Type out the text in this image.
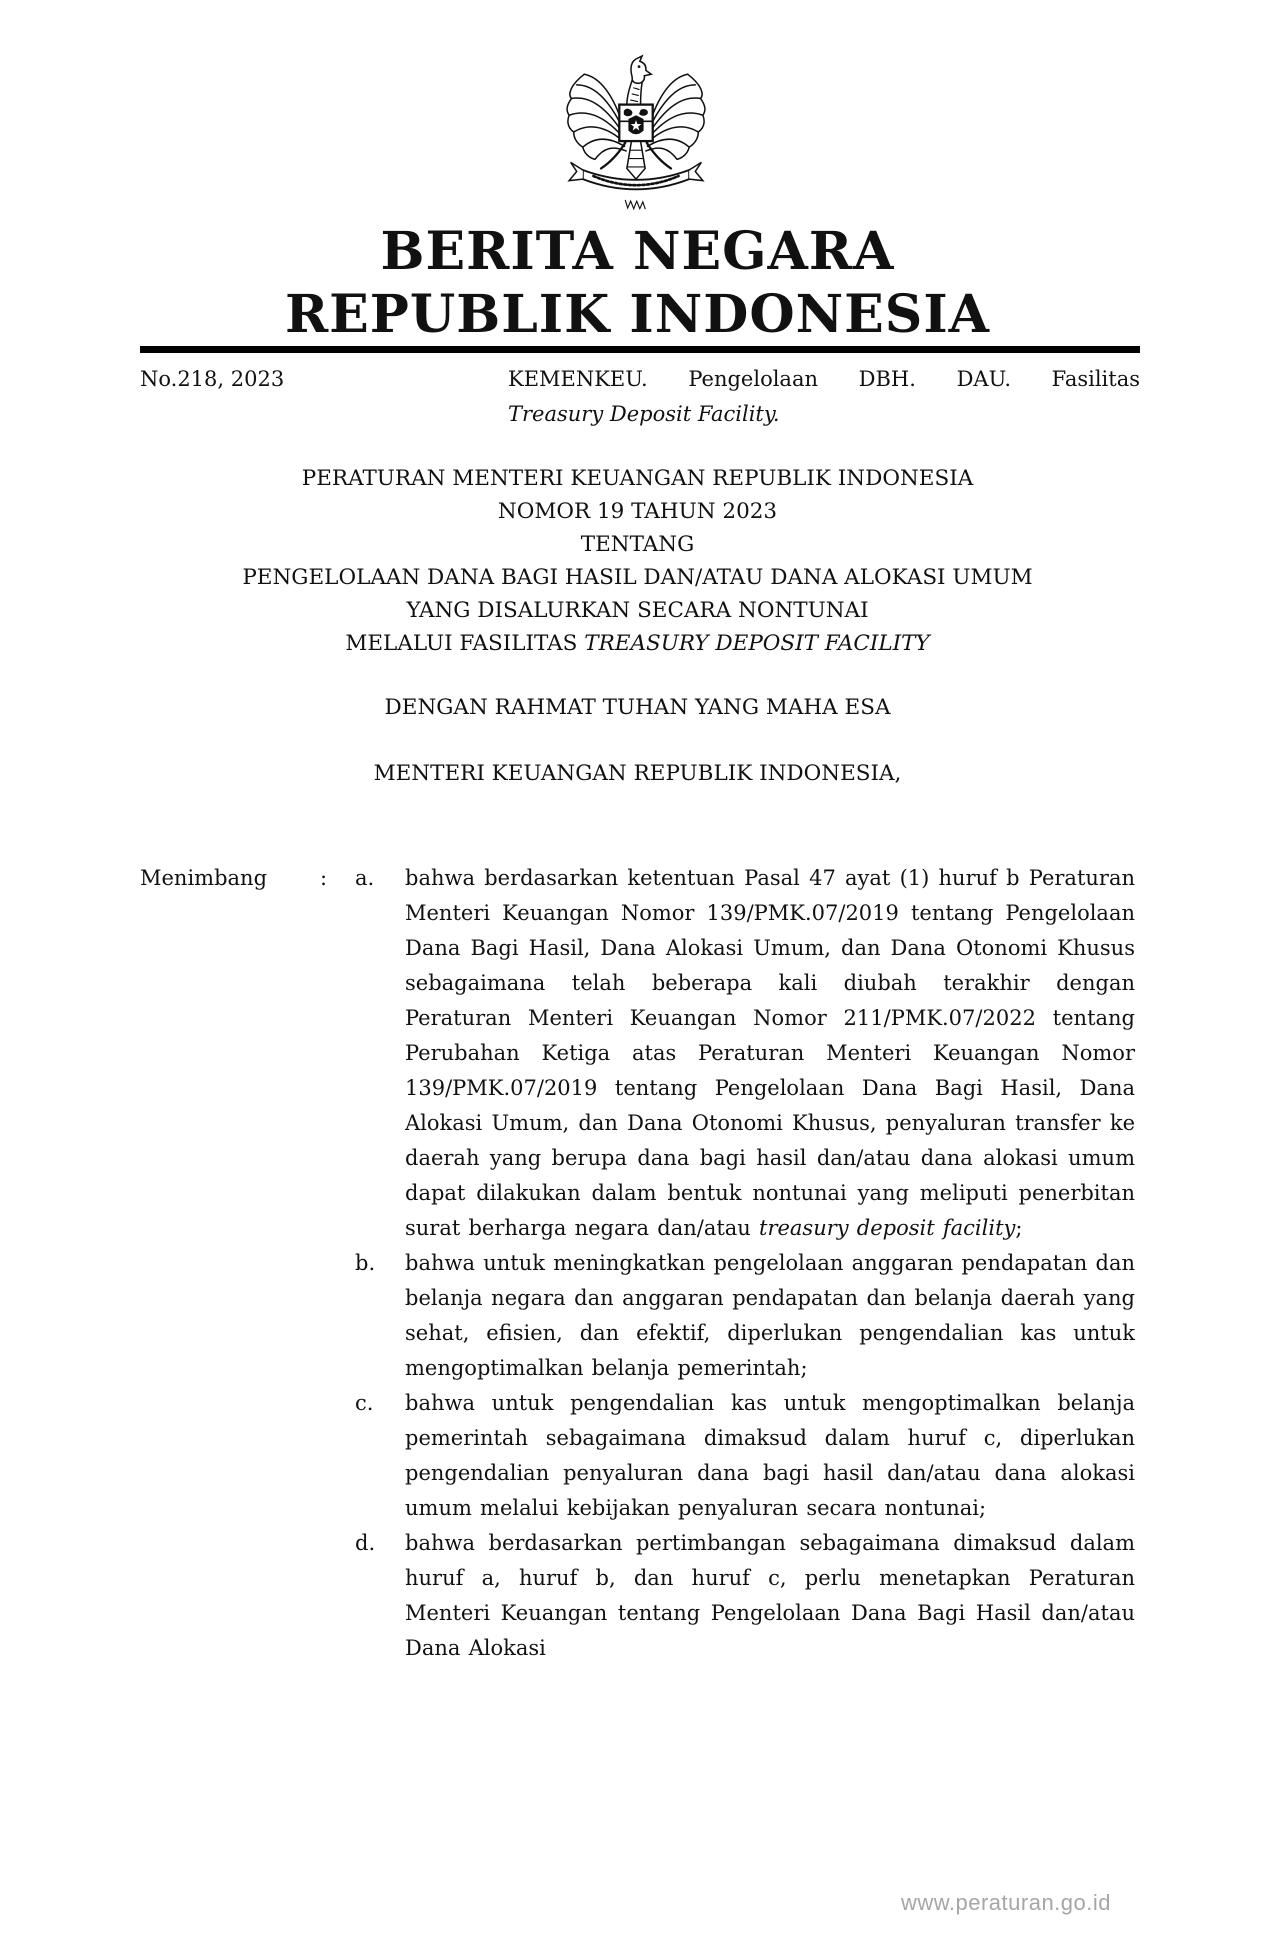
BERITA NEGARA
REPUBLIK INDONESIA
No.218, 2023	KEMENKEU. Pengelolaan DBH. DAU. Fasilitas
Treasury Deposit Facility.
PERATURAN MENTERI KEUANGAN REPUBLIK INDONESIA
NOMOR 19 TAHUN 2023
TENTANG
PENGELOLAAN DANA BAGI HASIL DAN/ATAU DANA ALOKASI UMUM
YANG DISALURKAN SECARA NONTUNAI
MELALUI FASILITAS TREASURY DEPOSIT FACILITY
DENGAN RAHMAT TUHAN YANG MAHA ESA
MENTERI KEUANGAN REPUBLIK INDONESIA,
Menimbang	:	a.	bahwa berdasarkan ketentuan Pasal 47 ayat (1) huruf b Peraturan Menteri Keuangan Nomor 139/PMK.07/2019 tentang Pengelolaan Dana Bagi Hasil, Dana Alokasi Umum, dan Dana Otonomi Khusus sebagaimana telah beberapa kali diubah terakhir dengan Peraturan Menteri Keuangan Nomor 211/PMK.07/2022 tentang Perubahan Ketiga atas Peraturan Menteri Keuangan Nomor 139/PMK.07/2019 tentang Pengelolaan Dana Bagi Hasil, Dana Alokasi Umum, dan Dana Otonomi Khusus, penyaluran transfer ke daerah yang berupa dana bagi hasil dan/atau dana alokasi umum dapat dilakukan dalam bentuk nontunai yang meliputi penerbitan surat berharga negara dan/atau treasury deposit facility;
b.	bahwa untuk meningkatkan pengelolaan anggaran pendapatan dan belanja negara dan anggaran pendapatan dan belanja daerah yang sehat, efisien, dan efektif, diperlukan pengendalian kas untuk mengoptimalkan belanja pemerintah;
c.	bahwa untuk pengendalian kas untuk mengoptimalkan belanja pemerintah sebagaimana dimaksud dalam huruf c, diperlukan pengendalian penyaluran dana bagi hasil dan/atau dana alokasi umum melalui kebijakan penyaluran secara nontunai;
d.	bahwa berdasarkan pertimbangan sebagaimana dimaksud dalam huruf a, huruf b, dan huruf c, perlu menetapkan Peraturan Menteri Keuangan tentang Pengelolaan Dana Bagi Hasil dan/atau Dana Alokasi
www.peraturan.go.id
